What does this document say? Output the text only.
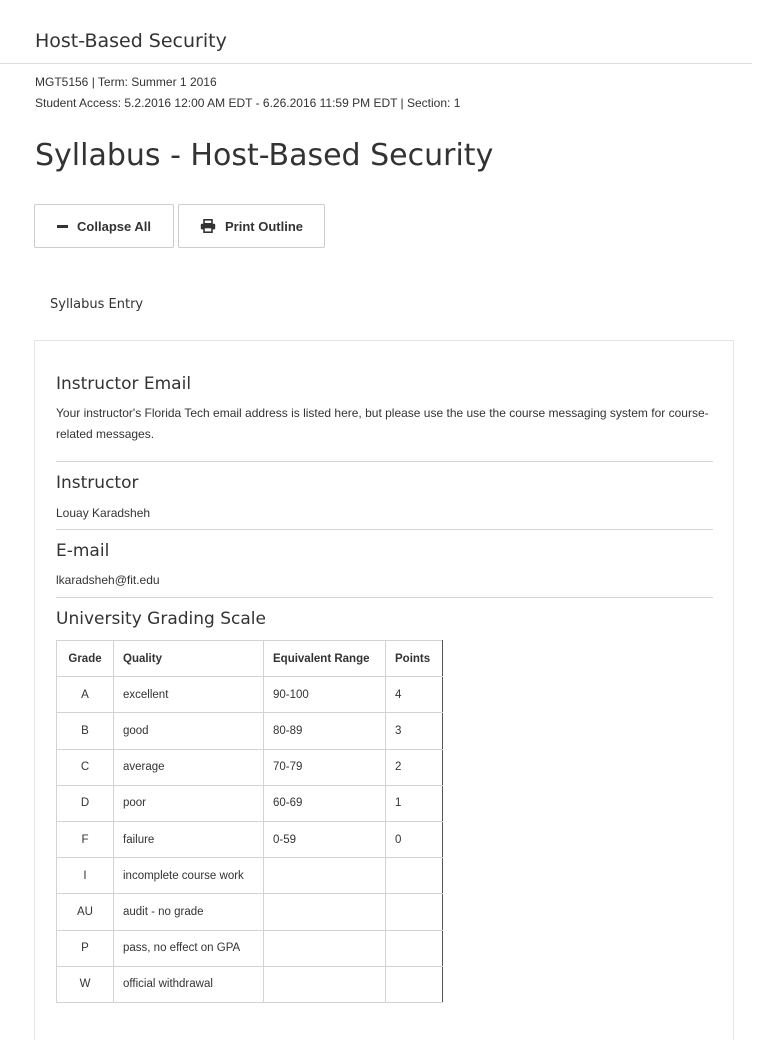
Host-Based Security
MGT5156 | Term: Summer 1 2016
Student Access: 5.2.2016 12:00 AM EDT - 6.26.2016 11:59 PM EDT | Section: 1
Syllabus - Host-Based Security
Collapse All	Print Outline
Syllabus Entry
Instructor Email
Your instructor's Florida Tech email address is listed here, but please use the use the course messaging system for course-related messages.
Instructor
Louay Karadsheh
E-mail
lkaradsheh@fit.edu
University Grading Scale
Grade	Quality	Equivalent Range	Points
A	excellent	90-100	4
B	good	80-89	3
C	average	70-79	2
D	poor	60-69	1
F	failure	0-59	0
I	incomplete course work		
AU	audit - no grade		
P	pass, no effect on GPA		
W	official withdrawal		
